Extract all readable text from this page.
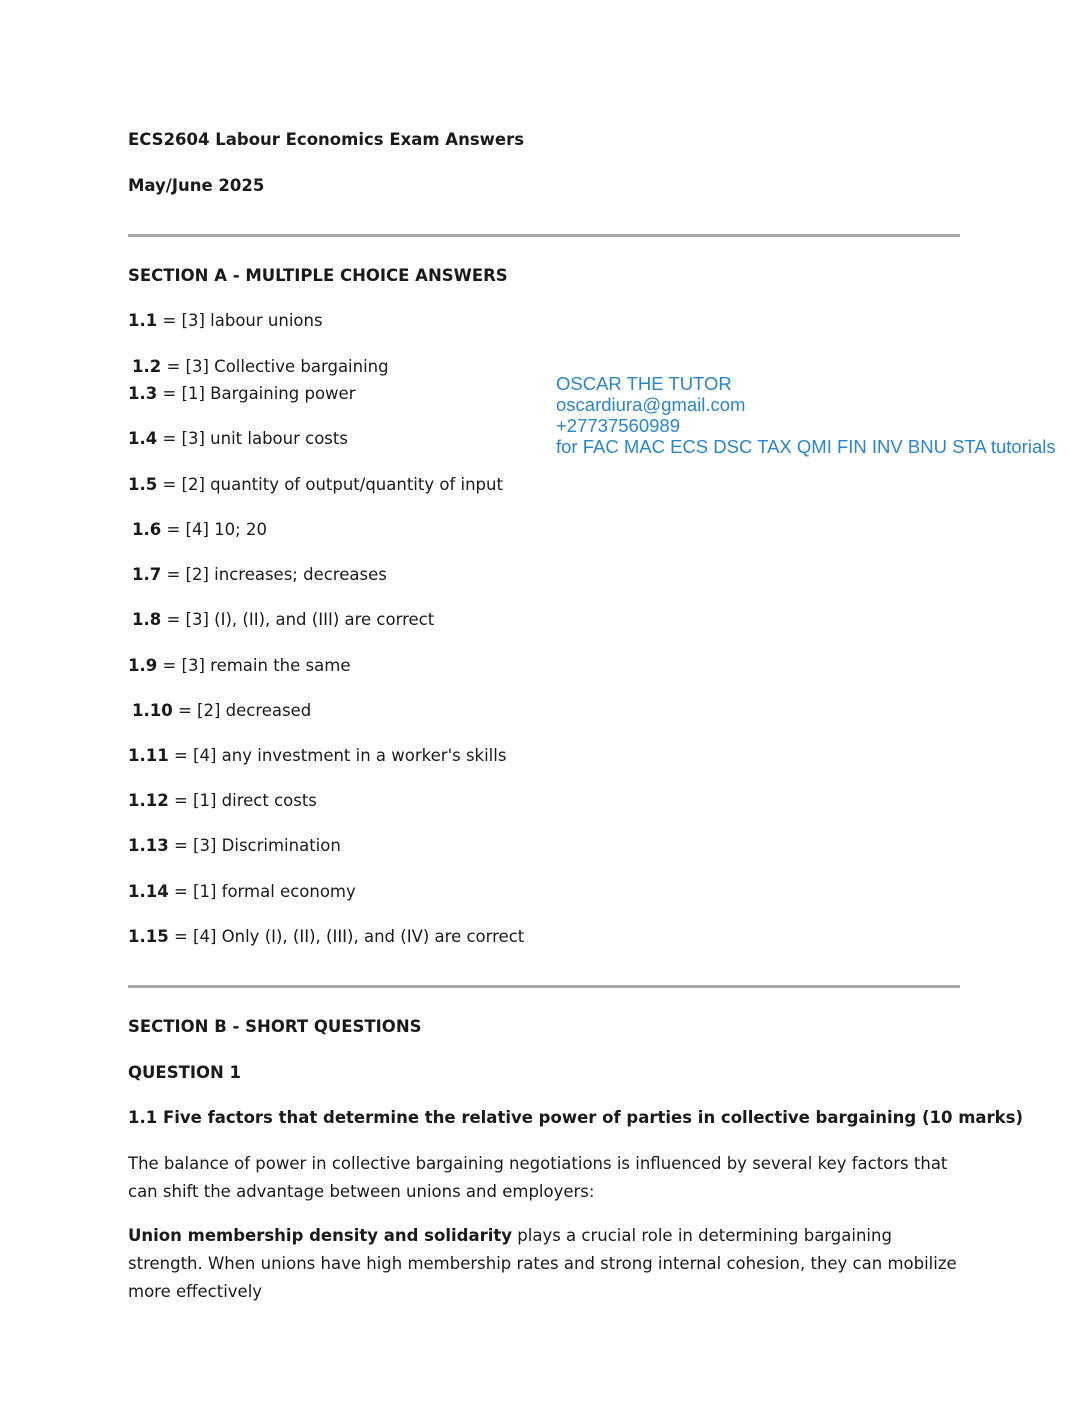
ECS2604 Labour Economics Exam Answers
May/June 2025
SECTION A - MULTIPLE CHOICE ANSWERS
1.1 = [3] labour unions
1.2 = [3] Collective bargaining
1.3 = [1] Bargaining power
1.4 = [3] unit labour costs
1.5 = [2] quantity of output/quantity of input
1.6 = [4] 10; 20
1.7 = [2] increases; decreases
1.8 = [3] (I), (II), and (III) are correct
1.9 = [3] remain the same
1.10 = [2] decreased
1.11 = [4] any investment in a worker's skills
1.12 = [1] direct costs
1.13 = [3] Discrimination
1.14 = [1] formal economy
1.15 = [4] Only (I), (II), (III), and (IV) are correct
OSCAR THE TUTOR
oscardiura@gmail.com
+27737560989
for FAC MAC ECS DSC TAX QMI FIN INV BNU STA tutorials
SECTION B - SHORT QUESTIONS
QUESTION 1
1.1 Five factors that determine the relative power of parties in collective bargaining (10 marks)
The balance of power in collective bargaining negotiations is influenced by several key factors that can shift the advantage between unions and employers:
Union membership density and solidarity plays a crucial role in determining bargaining strength. When unions have high membership rates and strong internal cohesion, they can mobilize more effectively
